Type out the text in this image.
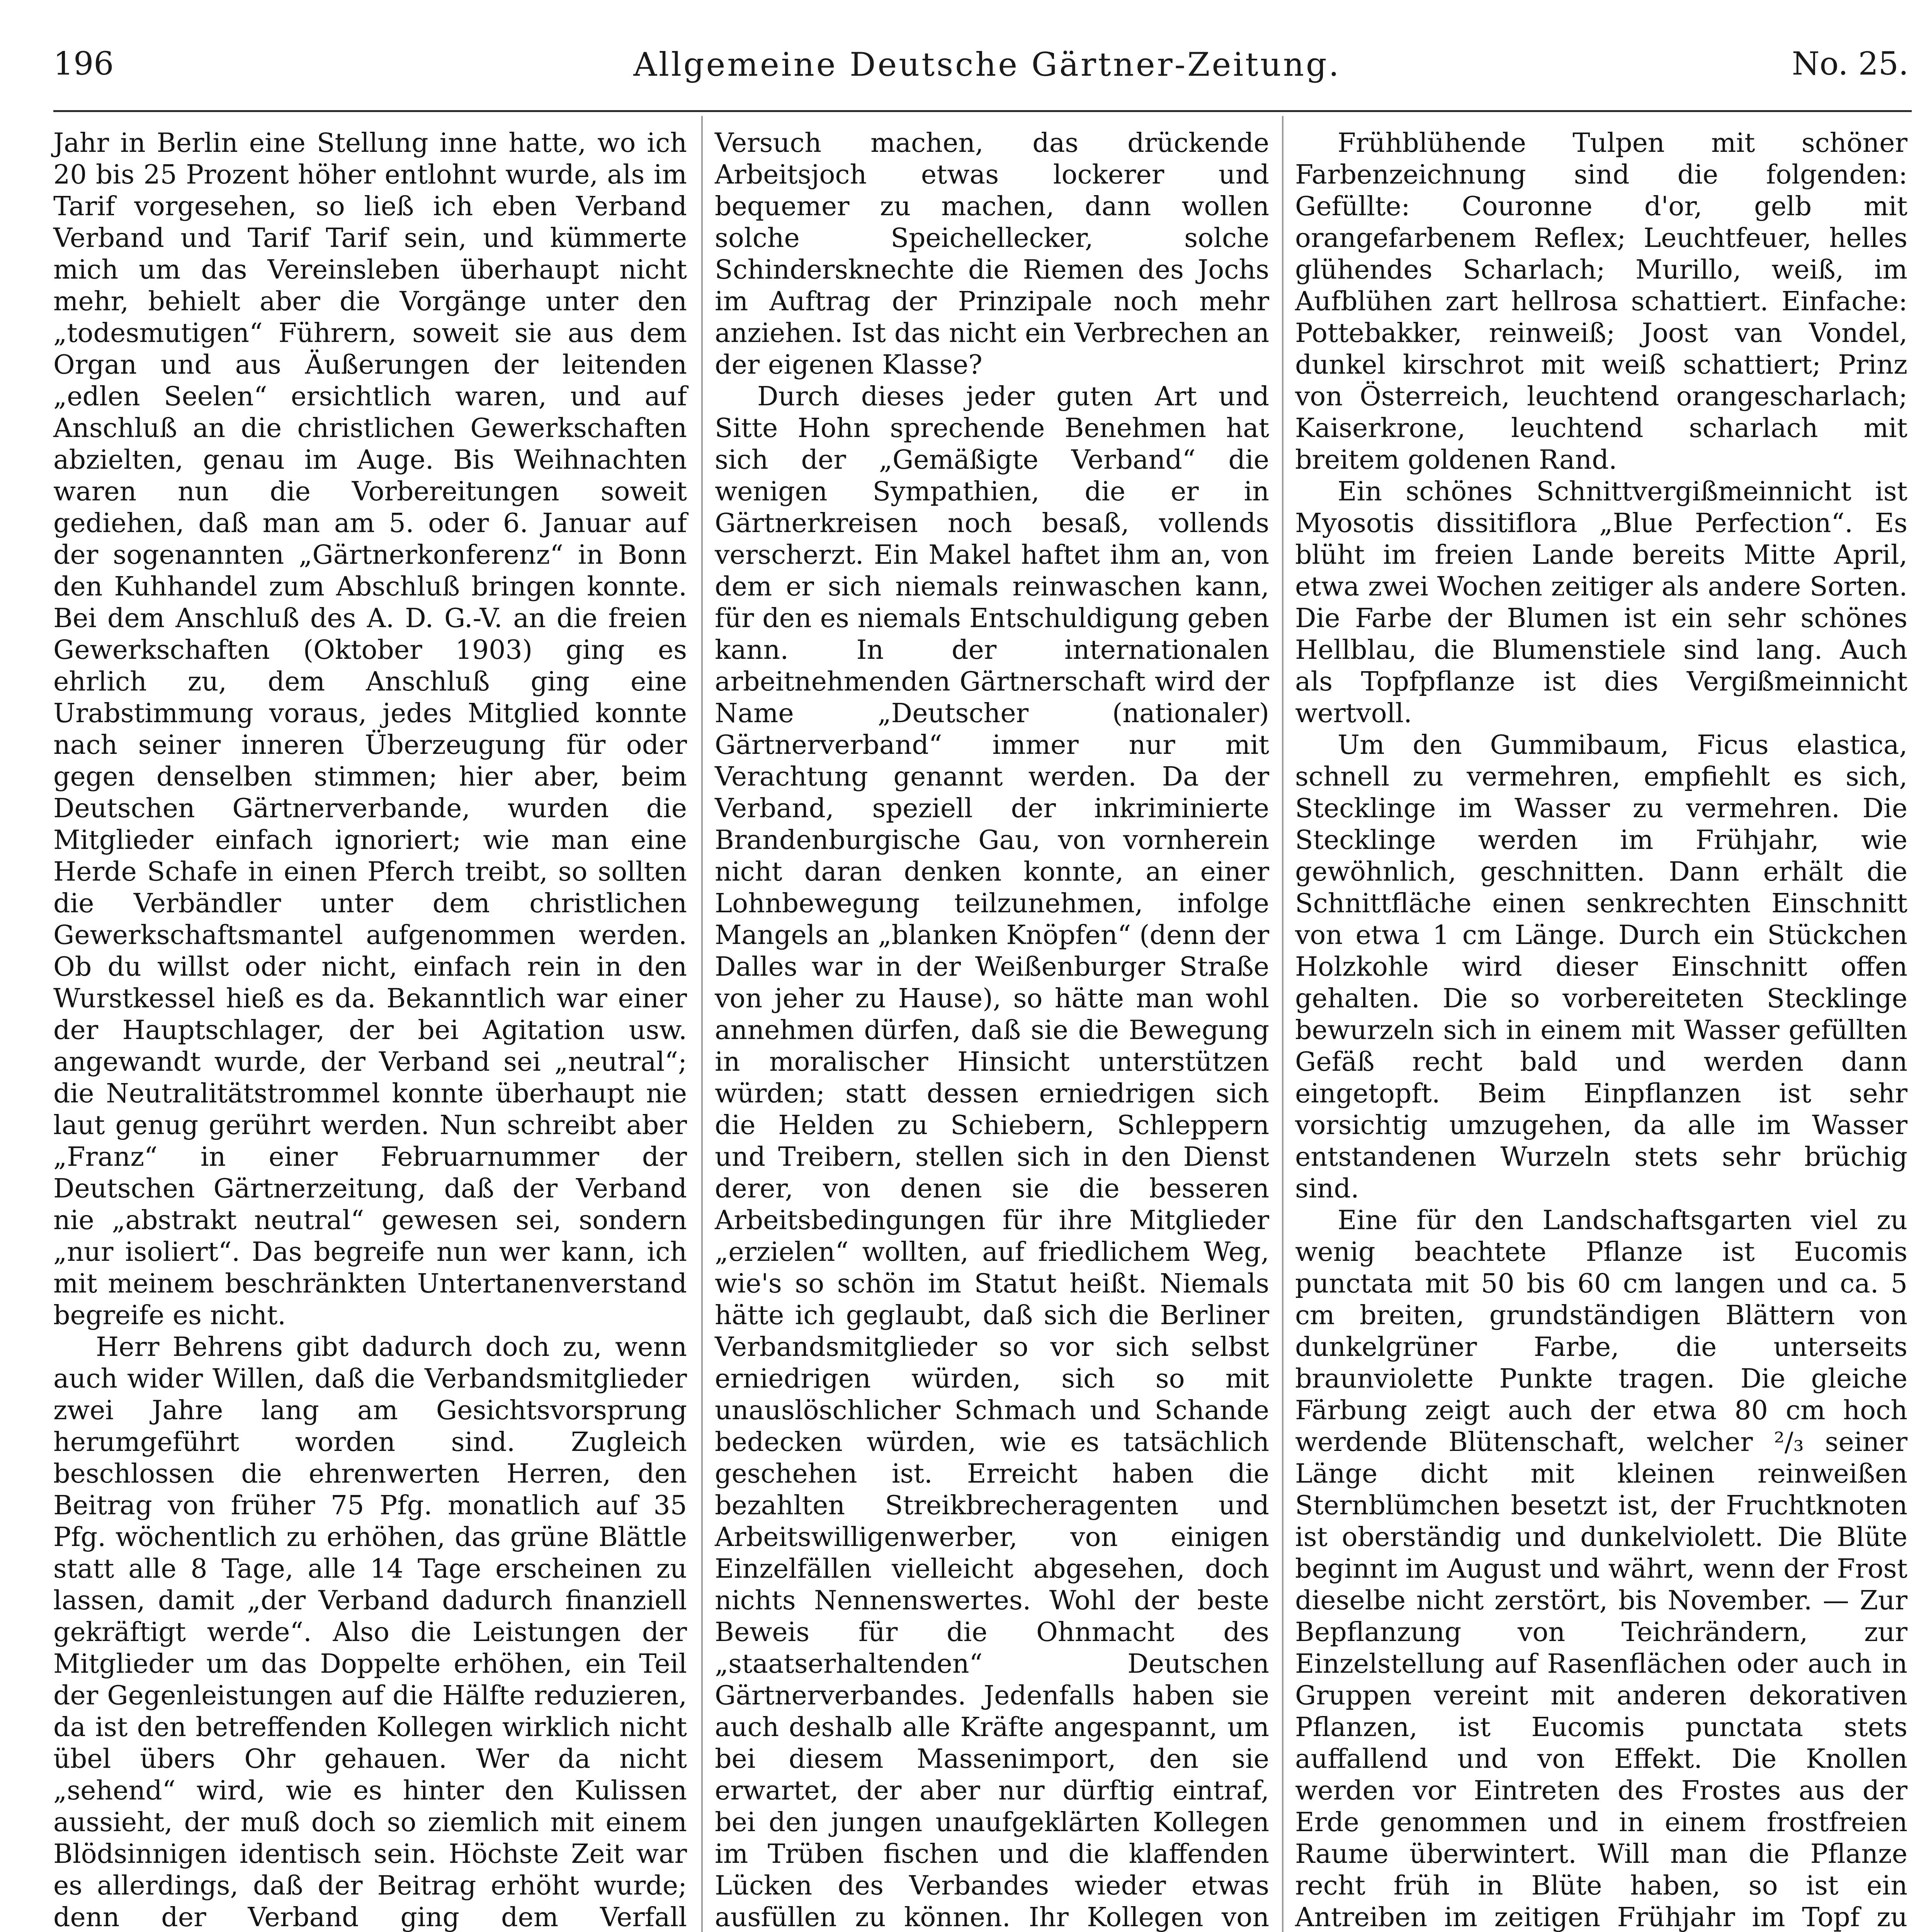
196	Allgemeine Deutsche Gärtner-Zeitung.	No. 25.

Jahr in Berlin eine Stellung inne hatte, wo ich 20 bis 25 Prozent höher entlohnt wurde, als im Tarif vorgesehen, so ließ ich eben Verband Verband und Tarif Tarif sein, und kümmerte mich um das Vereinsleben überhaupt nicht mehr, behielt aber die Vorgänge unter den „todesmutigen“ Führern, soweit sie aus dem Organ und aus Äußerungen der leitenden „edlen Seelen“ ersichtlich waren, und auf Anschluß an die christlichen Gewerkschaften abzielten, genau im Auge. Bis Weihnachten waren nun die Vorbereitungen soweit gediehen, daß man am 5. oder 6. Januar auf der sogenannten „Gärtnerkonferenz“ in Bonn den Kuhhandel zum Abschluß bringen konnte. Bei dem Anschluß des A. D. G.-V. an die freien Gewerkschaften (Oktober 1903) ging es ehrlich zu, dem Anschluß ging eine Urabstimmung voraus, jedes Mitglied konnte nach seiner inneren Überzeugung für oder gegen denselben stimmen; hier aber, beim Deutschen Gärtnerverbande, wurden die Mitglieder einfach ignoriert; wie man eine Herde Schafe in einen Pferch treibt, so sollten die Verbändler unter dem christlichen Gewerkschaftsmantel aufgenommen werden. Ob du willst oder nicht, einfach rein in den Wurstkessel hieß es da. Bekanntlich war einer der Hauptschlager, der bei Agitation usw. angewandt wurde, der Verband sei „neutral“; die Neutralitätstrommel konnte überhaupt nie laut genug gerührt werden. Nun schreibt aber „Franz“ in einer Februarnummer der Deutschen Gärtnerzeitung, daß der Verband nie „abstrakt neutral“ gewesen sei, sondern „nur isoliert“. Das begreife nun wer kann, ich mit meinem beschränkten Untertanenverstand begreife es nicht.

Herr Behrens gibt dadurch doch zu, wenn auch wider Willen, daß die Verbandsmitglieder zwei Jahre lang am Gesichtsvorsprung herumgeführt worden sind. Zugleich beschlossen die ehrenwerten Herren, den Beitrag von früher 75 Pfg. monatlich auf 35 Pfg. wöchentlich zu erhöhen, das grüne Blättle statt alle 8 Tage, alle 14 Tage erscheinen zu lassen, damit „der Verband dadurch finanziell gekräftigt werde“. Also die Leistungen der Mitglieder um das Doppelte erhöhen, ein Teil der Gegenleistungen auf die Hälfte reduzieren, da ist den betreffenden Kollegen wirklich nicht übel übers Ohr gehauen. Wer da nicht „sehend“ wird, wie es hinter den Kulissen aussieht, der muß doch so ziemlich mit einem Blödsinnigen identisch sein. Höchste Zeit war es allerdings, daß der Beitrag erhöht wurde; denn der Verband ging dem Verfall

Versuch machen, das drückende Arbeitsjoch etwas lockerer und bequemer zu machen, dann wollen solche Speichellecker, solche Schindersknechte die Riemen des Jochs im Auftrag der Prinzipale noch mehr anziehen. Ist das nicht ein Verbrechen an der eigenen Klasse?

Durch dieses jeder guten Art und Sitte Hohn sprechende Benehmen hat sich der „Gemäßigte Verband“ die wenigen Sympathien, die er in Gärtnerkreisen noch besaß, vollends verscherzt. Ein Makel haftet ihm an, von dem er sich niemals reinwaschen kann, für den es niemals Entschuldigung geben kann. In der internationalen arbeitnehmenden Gärtnerschaft wird der Name „Deutscher (nationaler) Gärtnerverband“ immer nur mit Verachtung genannt werden. Da der Verband, speziell der inkriminierte Brandenburgische Gau, von vornherein nicht daran denken konnte, an einer Lohnbewegung teilzunehmen, infolge Mangels an „blanken Knöpfen“ (denn der Dalles war in der Weißenburger Straße von jeher zu Hause), so hätte man wohl annehmen dürfen, daß sie die Bewegung in moralischer Hinsicht unterstützen würden; statt dessen erniedrigen sich die Helden zu Schiebern, Schleppern und Treibern, stellen sich in den Dienst derer, von denen sie die besseren Arbeitsbedingungen für ihre Mitglieder „erzielen“ wollten, auf friedlichem Weg, wie's so schön im Statut heißt. Niemals hätte ich geglaubt, daß sich die Berliner Verbandsmitglieder so vor sich selbst erniedrigen würden, sich so mit unauslöschlicher Schmach und Schande bedecken würden, wie es tatsächlich geschehen ist. Erreicht haben die bezahlten Streikbrecheragenten und Arbeitswilligenwerber, von einigen Einzelfällen vielleicht abgesehen, doch nichts Nennenswertes. Wohl der beste Beweis für die Ohnmacht des „staatserhaltenden“ Deutschen Gärtnerverbandes. Jedenfalls haben sie auch deshalb alle Kräfte angespannt, um bei diesem Massenimport, den sie erwartet, der aber nur dürftig eintraf, bei den jungen unaufgeklärten Kollegen im Trüben fischen und die klaffenden Lücken des Verbandes wieder etwas ausfüllen zu können. Ihr Kollegen von

Frühblühende Tulpen mit schöner Farbenzeichnung sind die folgenden: Gefüllte: Couronne d'or, gelb mit orangefarbenem Reflex; Leuchtfeuer, helles glühendes Scharlach; Murillo, weiß, im Aufblühen zart hellrosa schattiert. Einfache: Pottebakker, reinweiß; Joost van Vondel, dunkel kirschrot mit weiß schattiert; Prinz von Österreich, leuchtend orangescharlach; Kaiserkrone, leuchtend scharlach mit breitem goldenen Rand.

Ein schönes Schnittvergißmeinnicht ist Myosotis dissitiflora „Blue Perfection“. Es blüht im freien Lande bereits Mitte April, etwa zwei Wochen zeitiger als andere Sorten. Die Farbe der Blumen ist ein sehr schönes Hellblau, die Blumenstiele sind lang. Auch als Topfpflanze ist dies Vergißmeinnicht wertvoll.

Um den Gummibaum, Ficus elastica, schnell zu vermehren, empfiehlt es sich, Stecklinge im Wasser zu vermehren. Die Stecklinge werden im Frühjahr, wie gewöhnlich, geschnitten. Dann erhält die Schnittfläche einen senkrechten Einschnitt von etwa 1 cm Länge. Durch ein Stückchen Holzkohle wird dieser Einschnitt offen gehalten. Die so vorbereiteten Stecklinge bewurzeln sich in einem mit Wasser gefüllten Gefäß recht bald und werden dann eingetopft. Beim Einpflanzen ist sehr vorsichtig umzugehen, da alle im Wasser entstandenen Wurzeln stets sehr brüchig sind.

Eine für den Landschaftsgarten viel zu wenig beachtete Pflanze ist Eucomis punctata mit 50 bis 60 cm langen und ca. 5 cm breiten, grundständigen Blättern von dunkelgrüner Farbe, die unterseits braunviolette Punkte tragen. Die gleiche Färbung zeigt auch der etwa 80 cm hoch werdende Blütenschaft, welcher ²/₃ seiner Länge dicht mit kleinen reinweißen Sternblümchen besetzt ist, der Fruchtknoten ist oberständig und dunkelviolett. Die Blüte beginnt im August und währt, wenn der Frost dieselbe nicht zerstört, bis November. — Zur Bepflanzung von Teichrändern, zur Einzelstellung auf Rasenflächen oder auch in Gruppen vereint mit anderen dekorativen Pflanzen, ist Eucomis punctata stets auffallend und von Effekt. Die Knollen werden vor Eintreten des Frostes aus der Erde genommen und in einem frostfreien Raume überwintert. Will man die Pflanze recht früh in Blüte haben, so ist ein Antreiben im zeitigen Frühjahr im Topf zu
